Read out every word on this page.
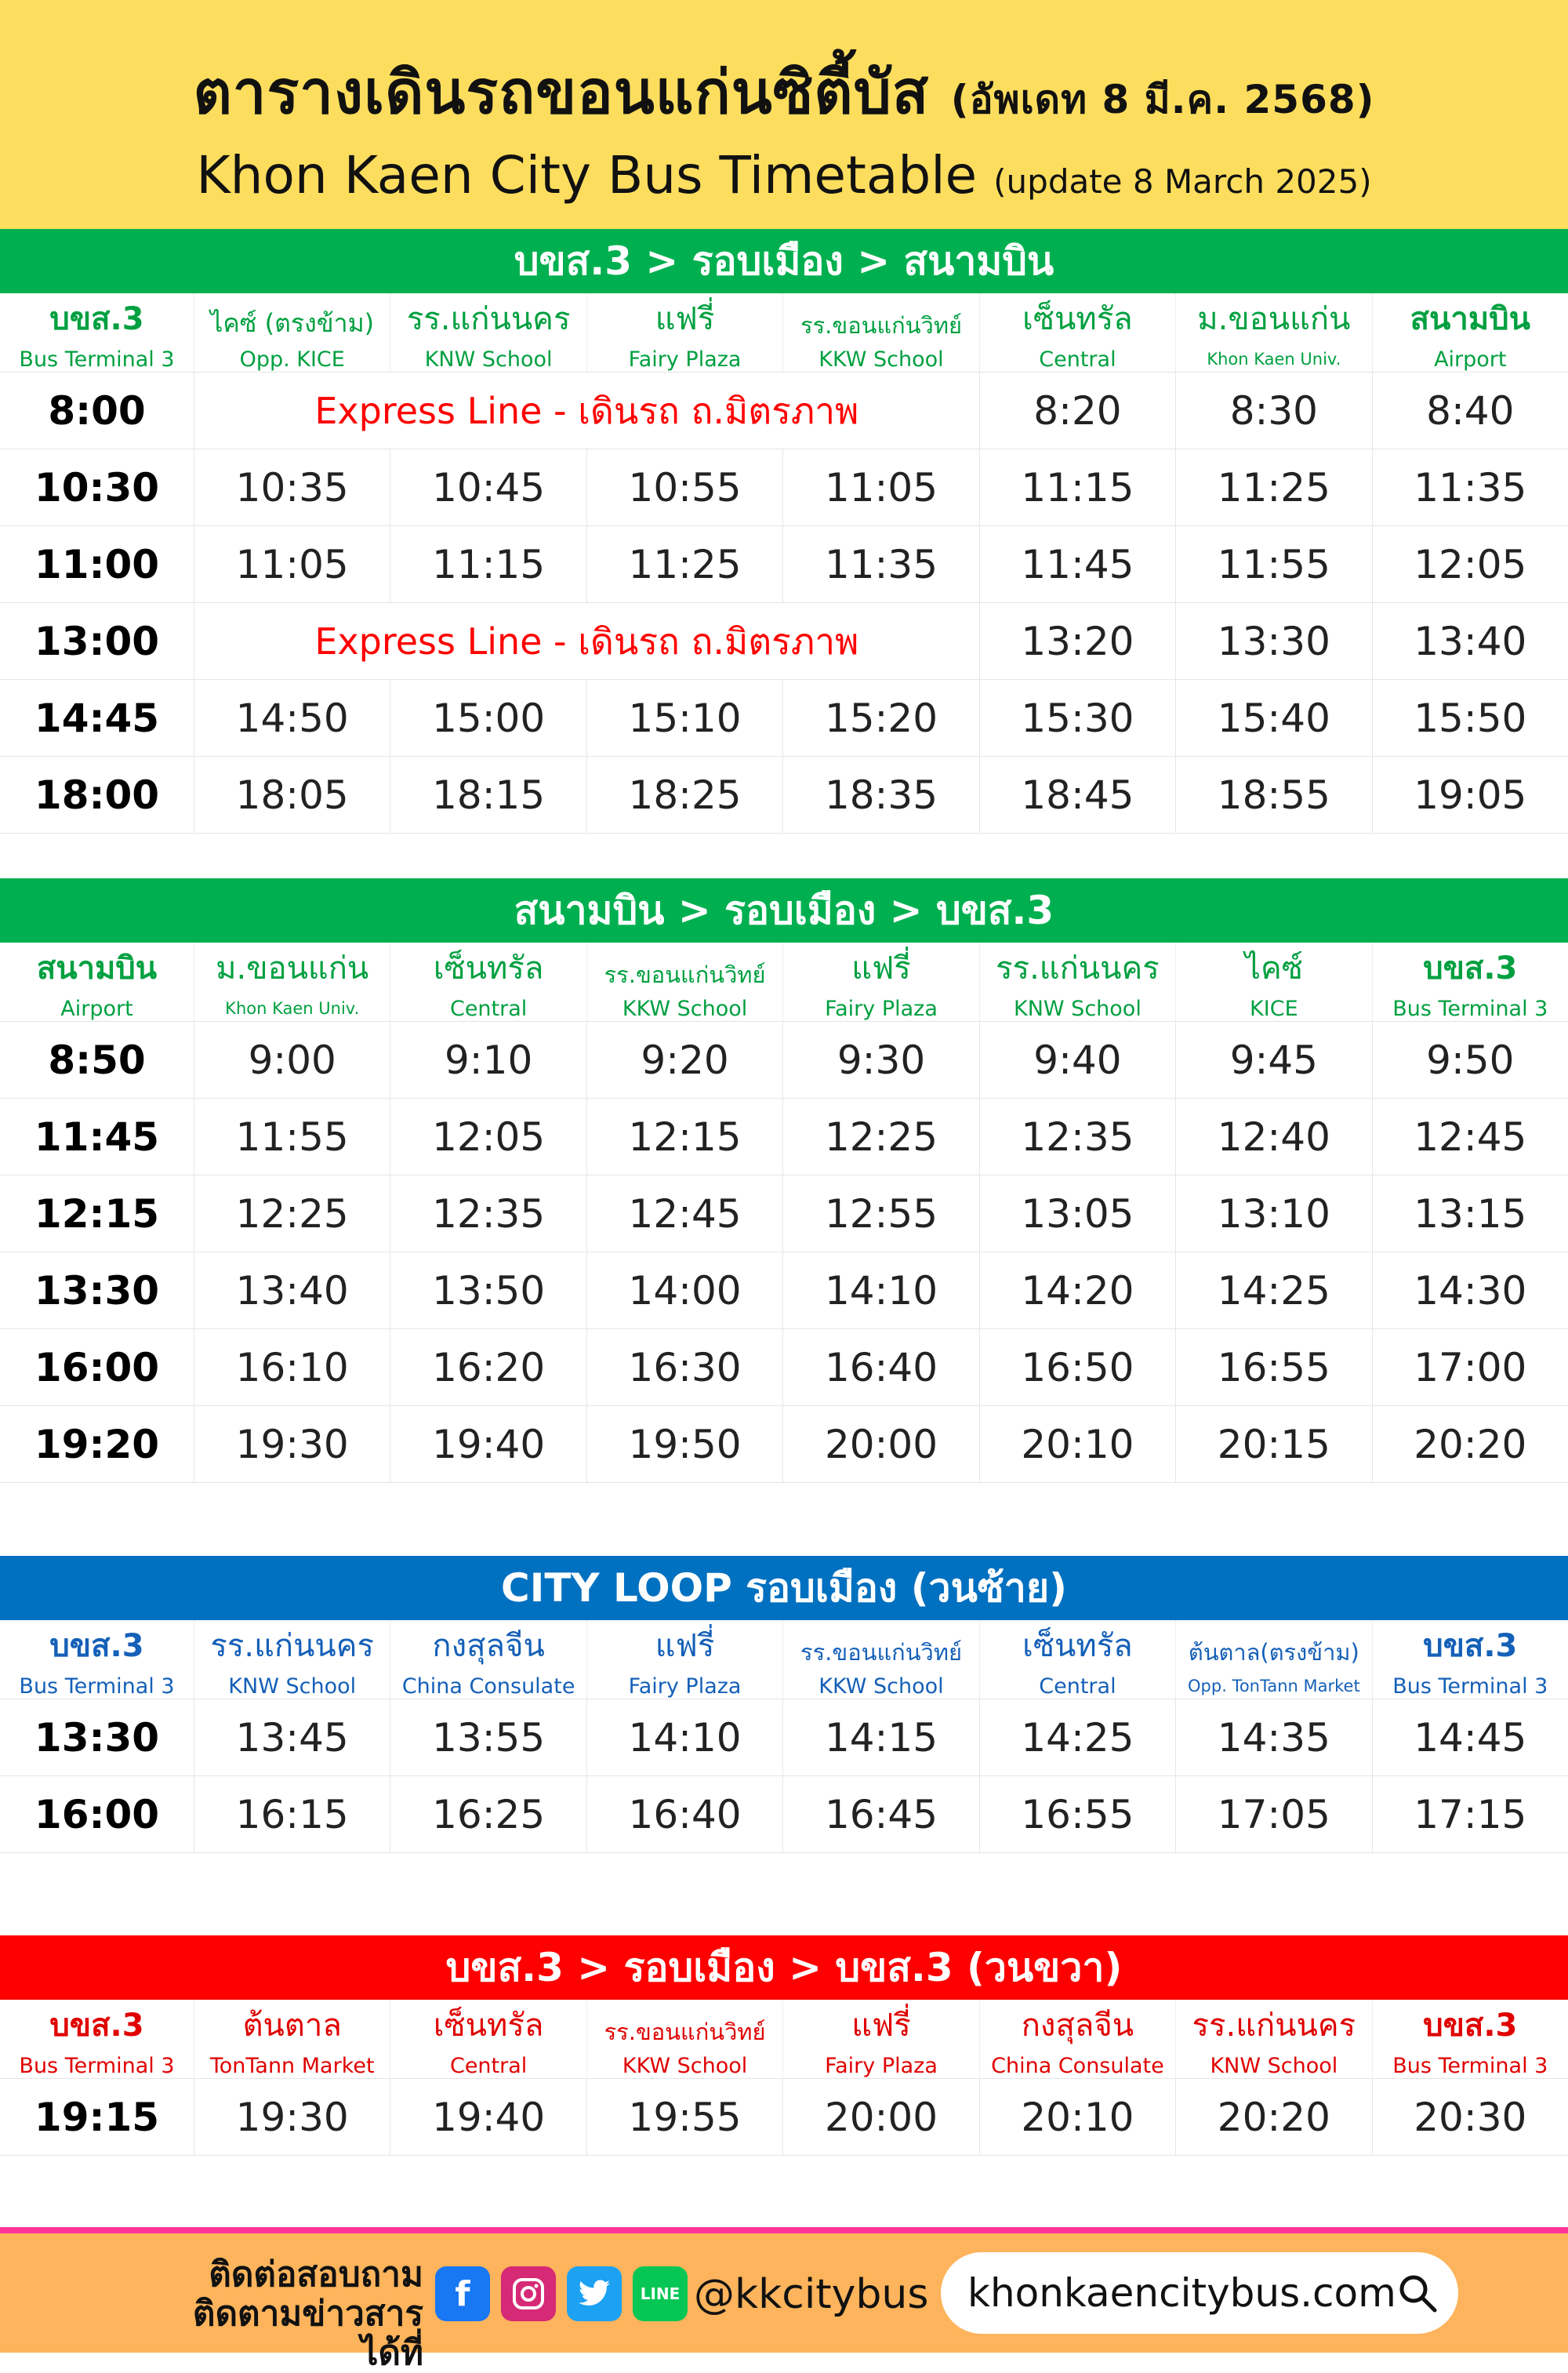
ตารางเดินรถขอนแก่นซิตี้บัส (อัพเดท 8 มี.ค. 2568)
Khon Kaen City Bus Timetable (update 8 March 2025)
บขส.3 > รอบเมือง > สนามบิน
บขส.3	ไคซ์ (ตรงข้าม)	รร.แก่นนคร	แฟรี่	รร.ขอนแก่นวิทย์	เซ็นทรัล	ม.ขอนแก่น	สนามบิน
Bus Terminal 3	Opp. KICE	KNW School	Fairy Plaza	KKW School	Central	Khon Kaen Univ.	Airport
8:00	Express Line - เดินรถ ถ.มิตรภาพ	8:20	8:30	8:40
10:30	10:35	10:45	10:55	11:05	11:15	11:25	11:35
11:00	11:05	11:15	11:25	11:35	11:45	11:55	12:05
13:00	Express Line - เดินรถ ถ.มิตรภาพ	13:20	13:30	13:40
14:45	14:50	15:00	15:10	15:20	15:30	15:40	15:50
18:00	18:05	18:15	18:25	18:35	18:45	18:55	19:05
สนามบิน > รอบเมือง > บขส.3
สนามบิน	ม.ขอนแก่น	เซ็นทรัล	รร.ขอนแก่นวิทย์	แฟรี่	รร.แก่นนคร	ไคซ์	บขส.3
Airport	Khon Kaen Univ.	Central	KKW School	Fairy Plaza	KNW School	KICE	Bus Terminal 3
8:50	9:00	9:10	9:20	9:30	9:40	9:45	9:50
11:45	11:55	12:05	12:15	12:25	12:35	12:40	12:45
12:15	12:25	12:35	12:45	12:55	13:05	13:10	13:15
13:30	13:40	13:50	14:00	14:10	14:20	14:25	14:30
16:00	16:10	16:20	16:30	16:40	16:50	16:55	17:00
19:20	19:30	19:40	19:50	20:00	20:10	20:15	20:20
CITY LOOP รอบเมือง (วนซ้าย)
บขส.3	รร.แก่นนคร	กงสุลจีน	แฟรี่	รร.ขอนแก่นวิทย์	เซ็นทรัล	ต้นตาล(ตรงข้าม)	บขส.3
Bus Terminal 3	KNW School	China Consulate	Fairy Plaza	KKW School	Central	Opp. TonTann Market	Bus Terminal 3
13:30	13:45	13:55	14:10	14:15	14:25	14:35	14:45
16:00	16:15	16:25	16:40	16:45	16:55	17:05	17:15
บขส.3 > รอบเมือง > บขส.3 (วนขวา)
บขส.3	ต้นตาล	เซ็นทรัล	รร.ขอนแก่นวิทย์	แฟรี่	กงสุลจีน	รร.แก่นนคร	บขส.3
Bus Terminal 3	TonTann Market	Central	KKW School	Fairy Plaza	China Consulate	KNW School	Bus Terminal 3
19:15	19:30	19:40	19:55	20:00	20:10	20:20	20:30
ติดต่อสอบถาม
ติดตามข่าวสารได้ที่
f	LINE @kkcitybus khonkaencitybus.com
